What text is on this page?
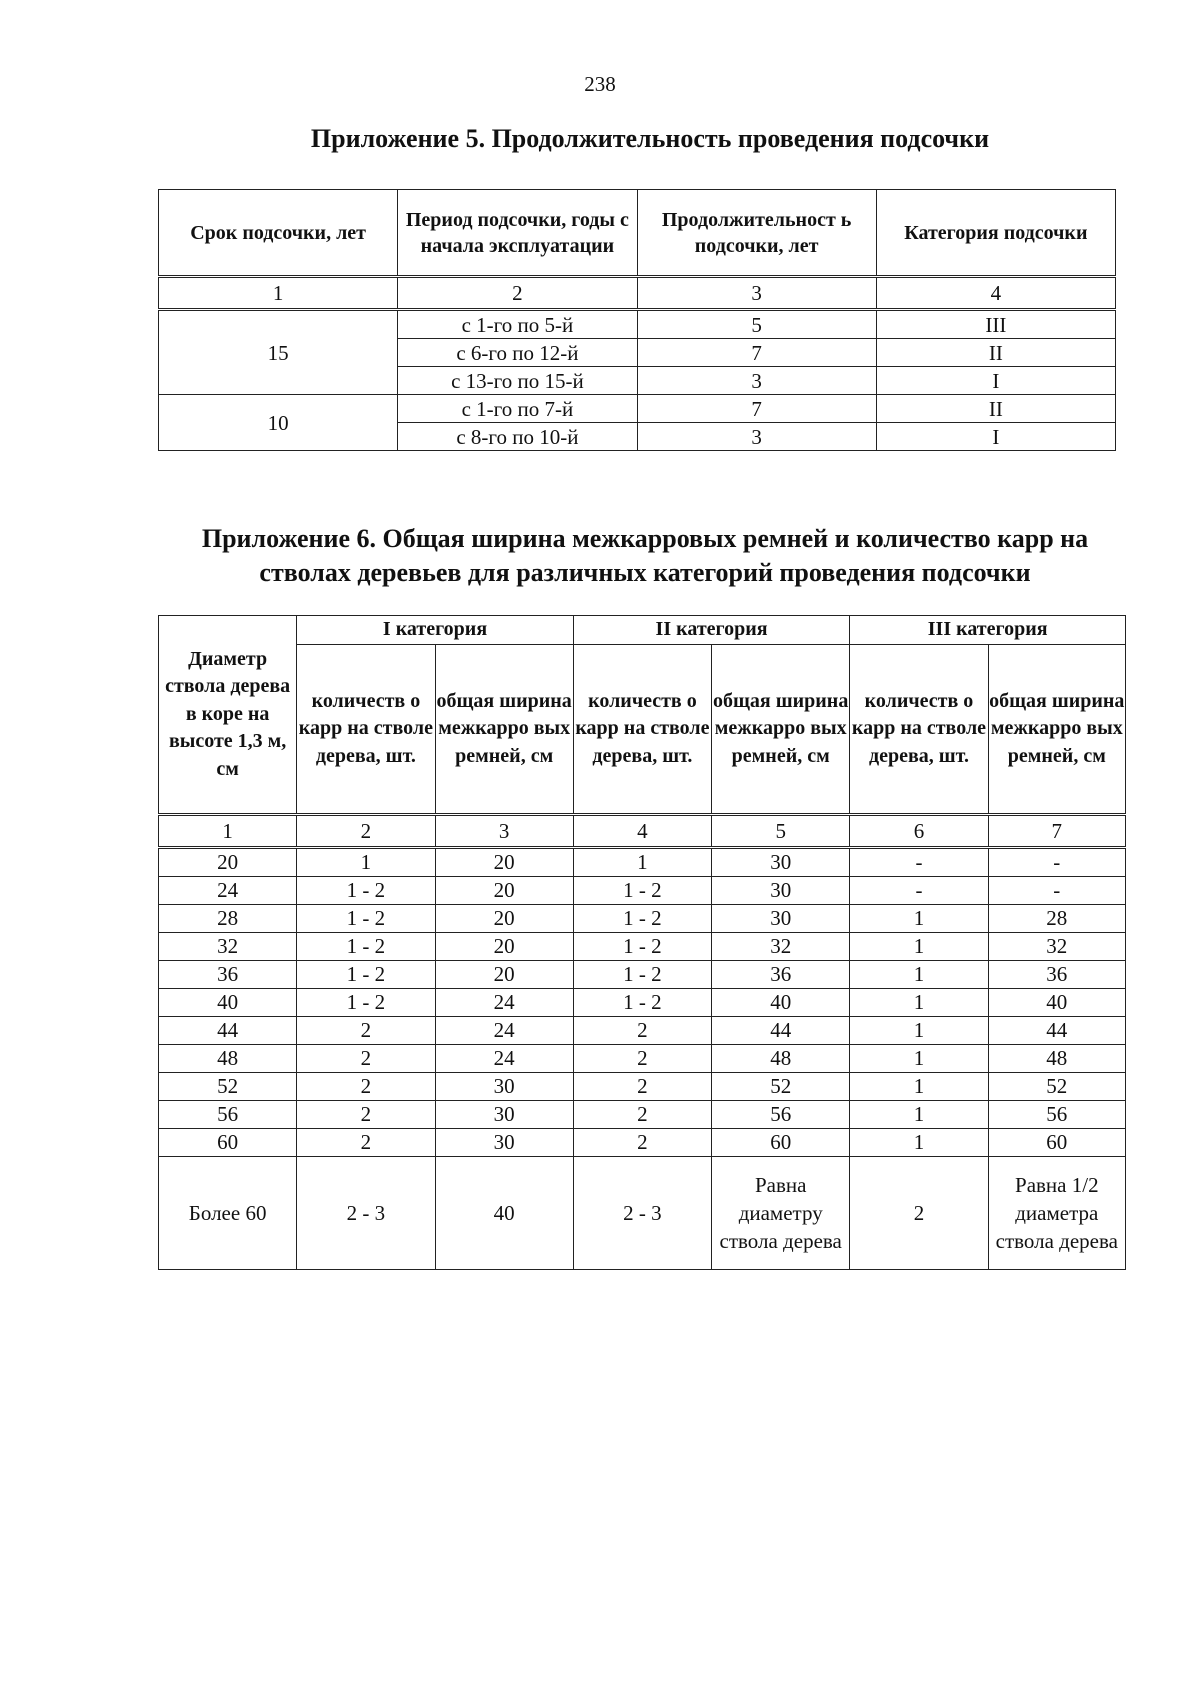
238
Приложение 5. Продолжительность проведения подсочки
Срок подсочки, лет	Период подсочки, годы с начала эксплуатации	Продолжительност ь подсочки, лет	Категория подсочки
1	2	3	4
15	с 1-го по 5-й	5	III
	с 6-го по 12-й	7	II
	с 13-го по 15-й	3	I
10	с 1-го по 7-й	7	II
	с 8-го по 10-й	3	I
Приложение 6. Общая ширина межкарровых ремней и количество карр на
стволах деревьев для различных категорий проведения подсочки
Диаметр ствола дерева в коре на высоте 1,3 м, см	I категория		II категория		III категория	
	количеств о карр на стволе дерева, шт.	общая ширина межкарро вых ремней, см	количеств о карр на стволе дерева, шт.	общая ширина межкарро вых ремней, см	количеств о карр на стволе дерева, шт.	общая ширина межкарро вых ремней, см
1	2	3	4	5	6	7
20	1	20	1	30	-	-
24	1 - 2	20	1 - 2	30	-	-
28	1 - 2	20	1 - 2	30	1	28
32	1 - 2	20	1 - 2	32	1	32
36	1 - 2	20	1 - 2	36	1	36
40	1 - 2	24	1 - 2	40	1	40
44	2	24	2	44	1	44
48	2	24	2	48	1	48
52	2	30	2	52	1	52
56	2	30	2	56	1	56
60	2	30	2	60	1	60
Более 60	2 - 3	40	2 - 3	Равна диаметру ствола дерева	2	Равна 1/2 диаметра ствола дерева
